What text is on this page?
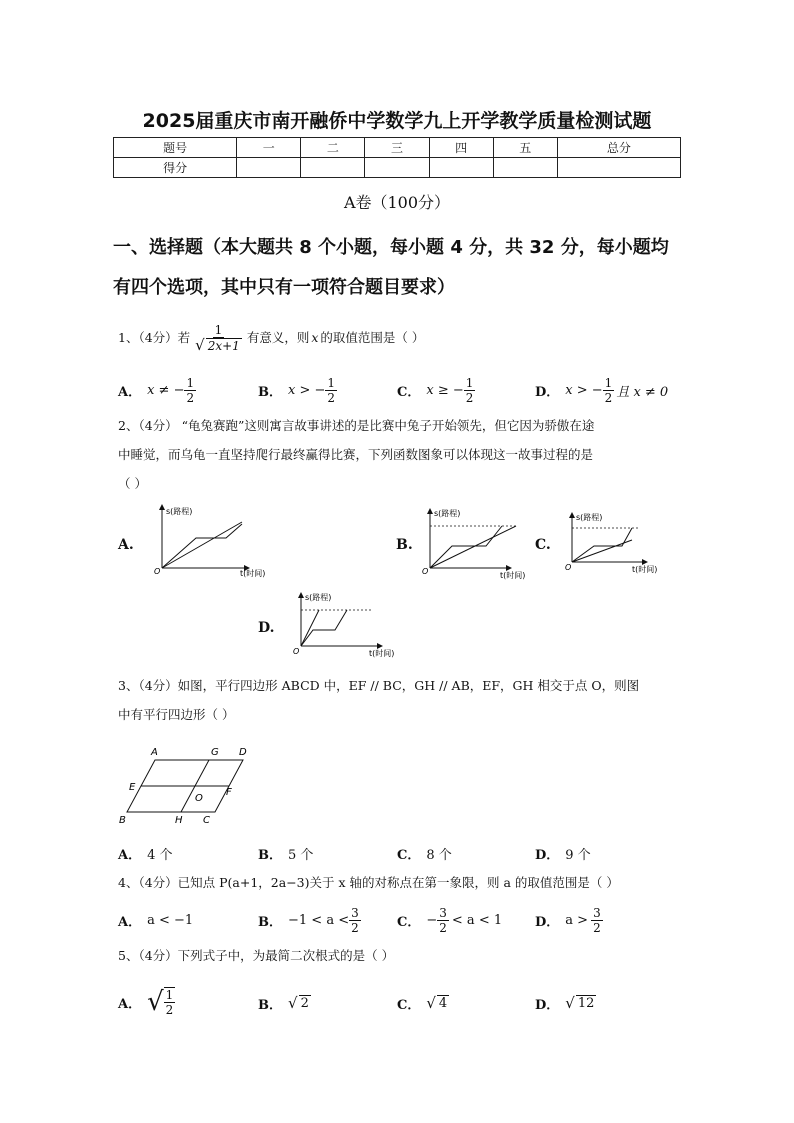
2025届重庆市南开融侨中学数学九上开学教学质量检测试题
题号	一	二	三	四	五	总分
得分						
A卷（100分）
一、选择题（本大题共 8 个小题，每小题 4 分，共 32 分，每小题均
有四个选项，其中只有一项符合题目要求）
1、（4分）若 $\frac{1}{√ 2x+1}$ 有意义，则 x 的取值范围是（ ）
A． x ≠ − $\frac{1}{2}$	B． x > − $\frac{1}{2}$	C． x ≥ − $\frac{1}{2}$	D． x > − $\frac{1}{2}$ 且 x ≠ 0
2、（4分） “龟兔赛跑”这则寓言故事讲述的是比赛中兔子开始领先，但它因为骄傲在途
中睡觉，而乌龟一直坚持爬行最终赢得比赛，下列函数图象可以体现这一故事过程的是
（ ）
A.
s(路程)
t(时间)
O
B.
s(路程)
t(时间)
O
C.
s(路程)
t(时间)
O
D.
s(路程)
t(时间)
O
3、（4分）如图，平行四边形 ABCD 中，EF // BC，GH // AB，EF，GH 相交于点 O，则图
中有平行四边形（ ）
A	G D
E
O
F
B	H C
A． 4 个	B． 5 个	C． 8 个	D． 9 个
4、（4分）已知点 P(a+1，2a−3)关于 x 轴的对称点在第一象限，则 a 的取值范围是（ ）
A． a < −1	B． $-1 < a < \frac{3}{2}$	C． − $\frac{3}{2} < a < 1$	D． $a > \frac{3}{2}$
5、（4分）下列式子中，为最简二次根式的是（ ）
A． √ $\frac{1}{2}$	B． √ 2	C． √ 4	D． √ 12
